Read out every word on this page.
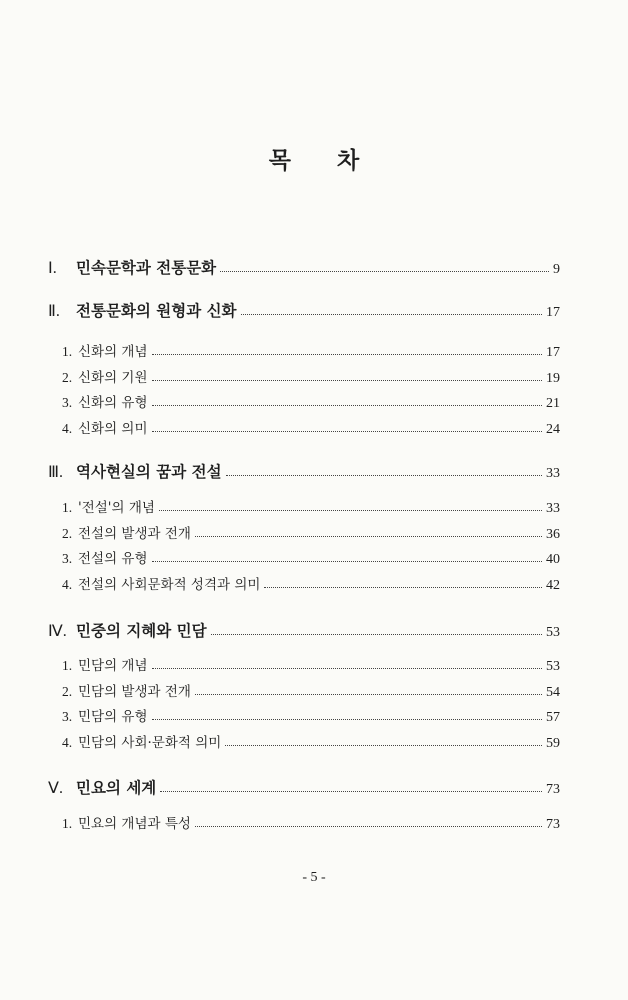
목 차
Ⅰ.	민속문학과 전통문화	9
Ⅱ.	전통문화의 원형과 신화	17
1. 신화의 개념	17
2. 신화의 기원	19
3. 신화의 유형	21
4. 신화의 의미	24
Ⅲ. 역사현실의 꿈과 전설	33
1. '전설'의 개념	33
2. 전설의 발생과 전개	36
3. 전설의 유형	40
4. 전설의 사회문화적 성격과 의미	42
Ⅳ. 민중의 지혜와 민담	53
1. 민담의 개념	53
2. 민담의 발생과 전개	54
3. 민담의 유형	57
4. 민담의 사회·문화적 의미	59
Ⅴ. 민요의 세계	73
1. 민요의 개념과 특성	73
- 5 -
